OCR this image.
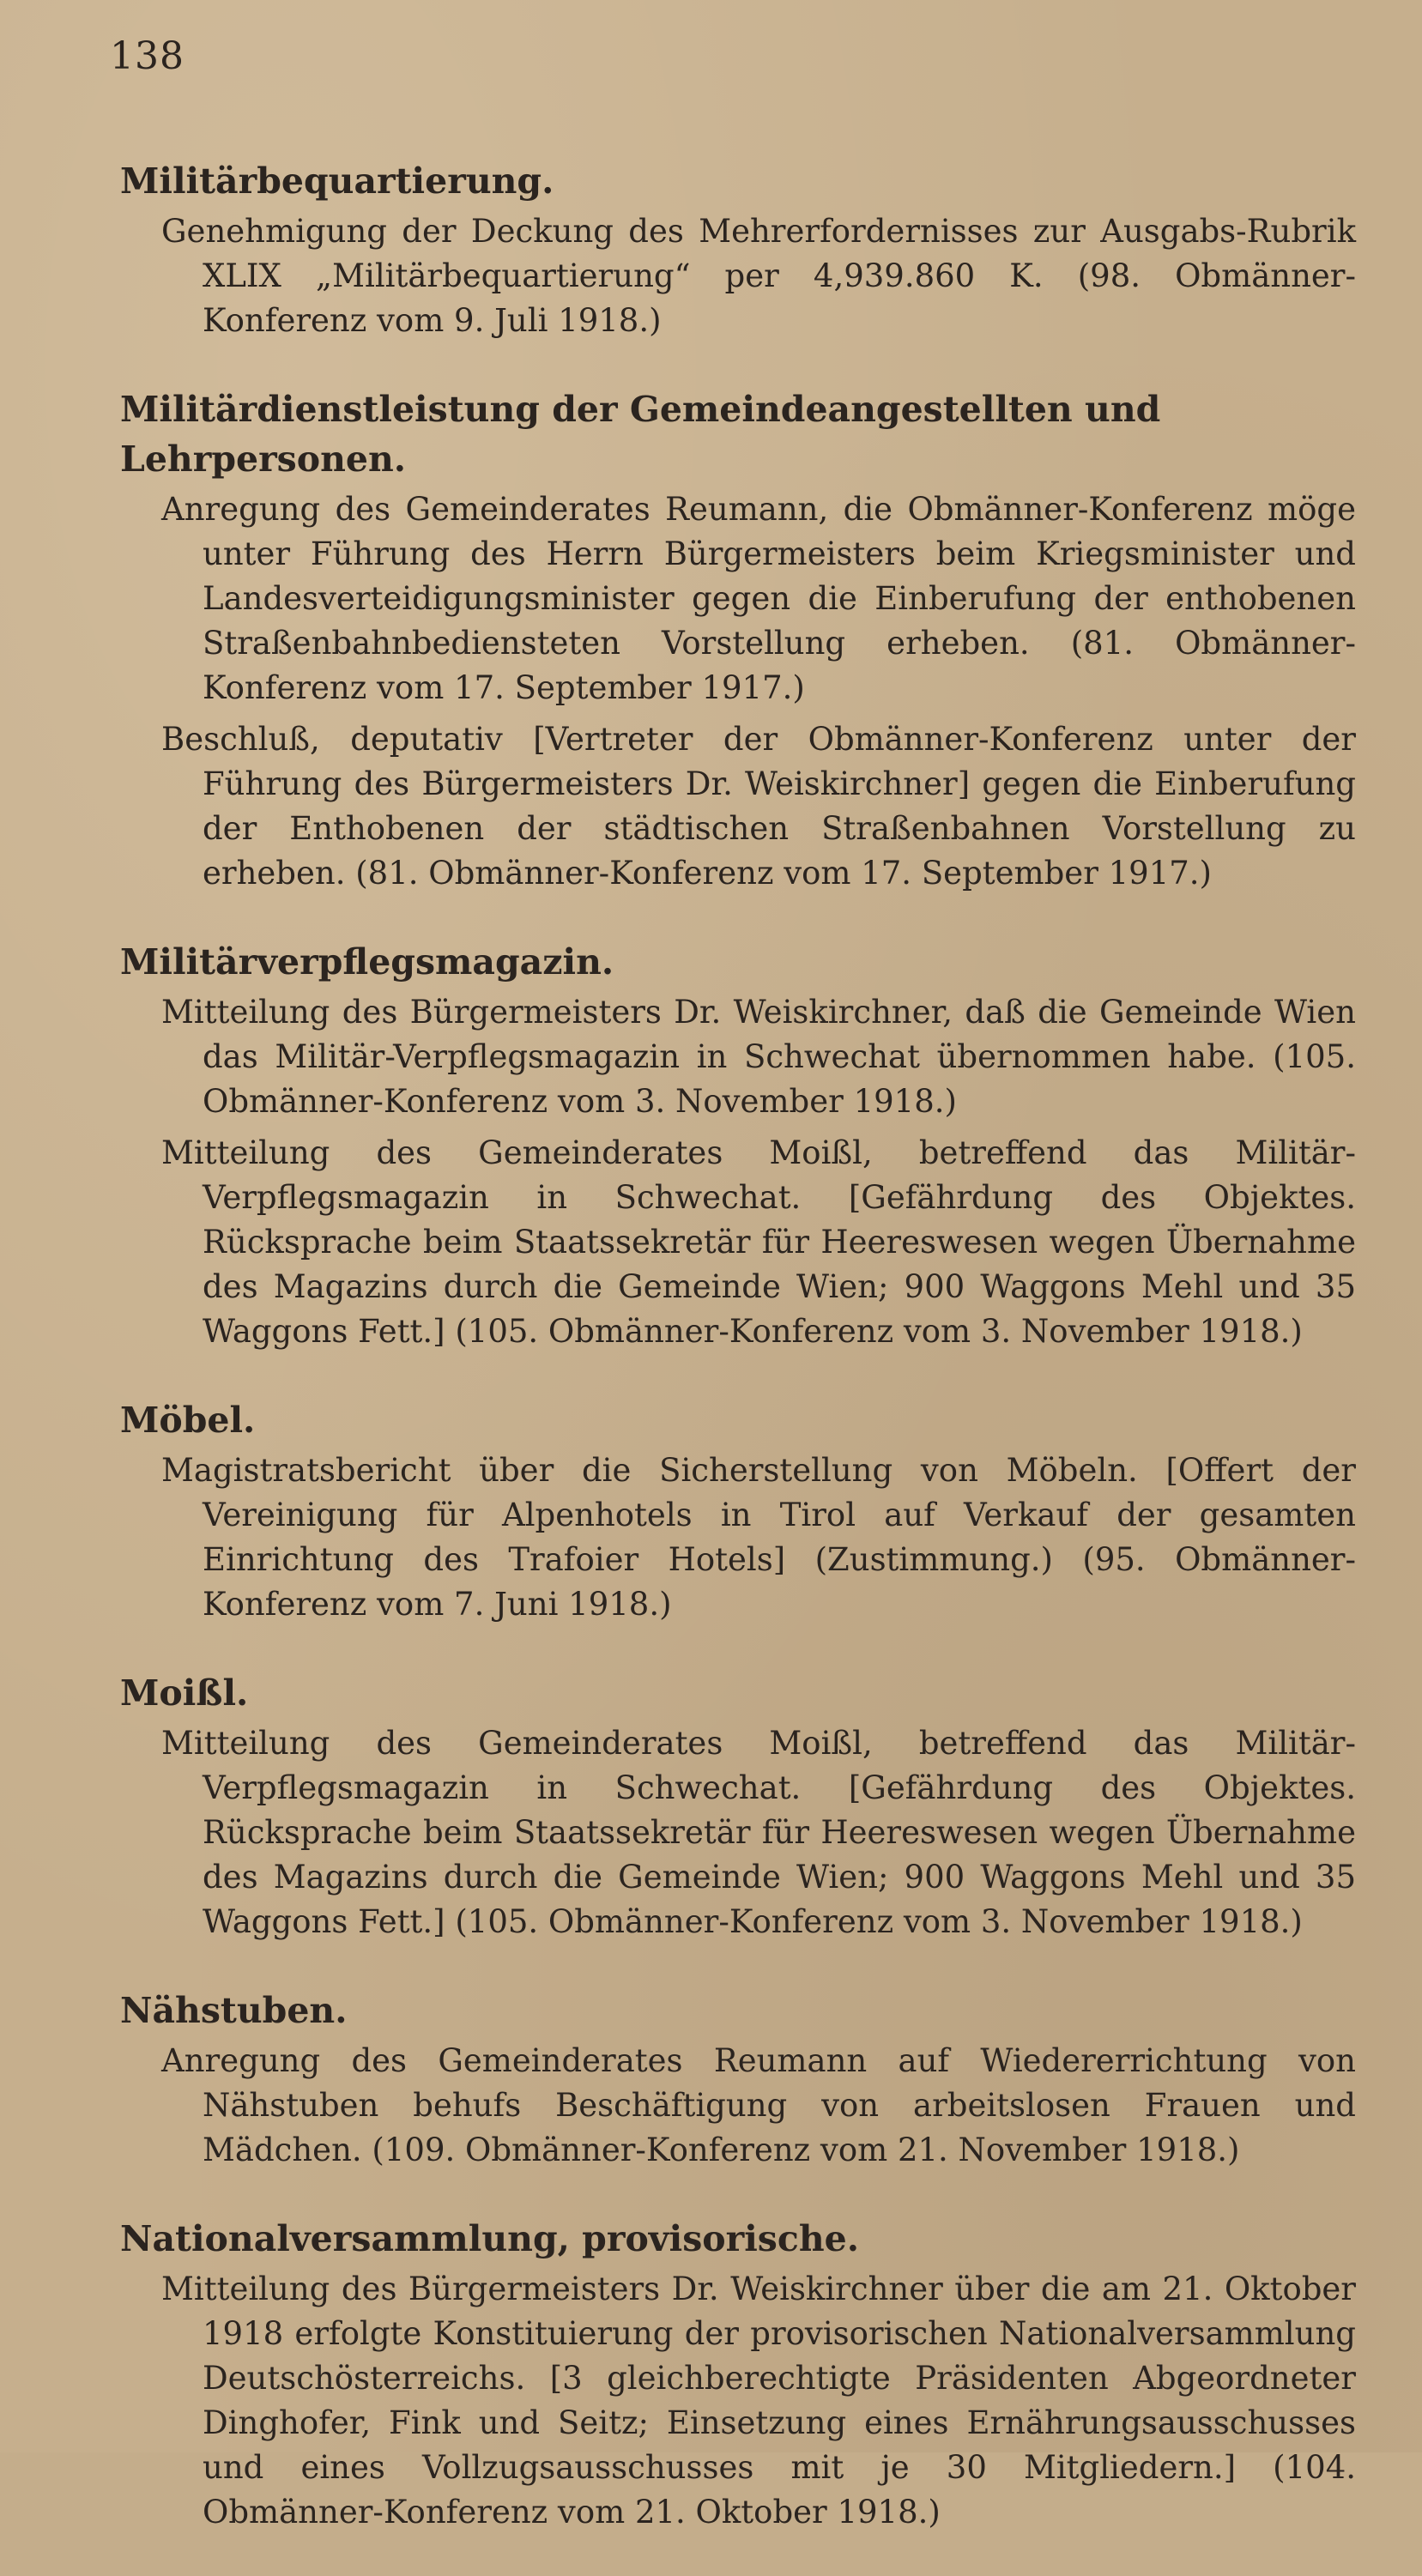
138
Militärbequartierung.
Genehmigung der Deckung des Mehrerfordernisses zur Ausgabs-Rubrik XLIX „Militärbequartierung“ per 4,939.860 K. (98. Obmänner-Konferenz vom 9. Juli 1918.)
Militärdienstleistung der Gemeindeangestellten und Lehrpersonen.
Anregung des Gemeinderates Reumann, die Obmänner-Konferenz möge unter Führung des Herrn Bürgermeisters beim Kriegsminister und Landesverteidigungsminister gegen die Einberufung der enthobenen Straßenbahnbediensteten Vorstellung erheben. (81. Obmänner-Konferenz vom 17. September 1917.)
Beschluß, deputativ [Vertreter der Obmänner-Konferenz unter der Führung des Bürgermeisters Dr. Weiskirchner] gegen die Einberufung der Enthobenen der städtischen Straßenbahnen Vorstellung zu erheben. (81. Obmänner-Konferenz vom 17. September 1917.)
Militärverpflegsmagazin.
Mitteilung des Bürgermeisters Dr. Weiskirchner, daß die Gemeinde Wien das Militär-Verpflegsmagazin in Schwechat übernommen habe. (105. Obmänner-Konferenz vom 3. November 1918.)
Mitteilung des Gemeinderates Moißl, betreffend das Militär-Verpflegsmagazin in Schwechat. [Gefährdung des Objektes. Rücksprache beim Staatssekretär für Heereswesen wegen Übernahme des Magazins durch die Gemeinde Wien; 900 Waggons Mehl und 35 Waggons Fett.] (105. Obmänner-Konferenz vom 3. November 1918.)
Möbel.
Magistratsbericht über die Sicherstellung von Möbeln. [Offert der Vereinigung für Alpenhotels in Tirol auf Verkauf der gesamten Einrichtung des Trafoier Hotels] (Zustimmung.) (95. Obmänner-Konferenz vom 7. Juni 1918.)
Moißl.
Mitteilung des Gemeinderates Moißl, betreffend das Militär-Verpflegsmagazin in Schwechat. [Gefährdung des Objektes. Rücksprache beim Staatssekretär für Heereswesen wegen Übernahme des Magazins durch die Gemeinde Wien; 900 Waggons Mehl und 35 Waggons Fett.] (105. Obmänner-Konferenz vom 3. November 1918.)
Nähstuben.
Anregung des Gemeinderates Reumann auf Wiedererrichtung von Nähstuben behufs Beschäftigung von arbeitslosen Frauen und Mädchen. (109. Obmänner-Konferenz vom 21. November 1918.)
Nationalversammlung, provisorische.
Mitteilung des Bürgermeisters Dr. Weiskirchner über die am 21. Oktober 1918 erfolgte Konstituierung der provisorischen Nationalversammlung Deutschösterreichs. [3 gleichberechtigte Präsidenten Abgeordneter Dinghofer, Fink und Seitz; Einsetzung eines Ernährungsausschusses und eines Vollzugsausschusses mit je 30 Mitgliedern.] (104. Obmänner-Konferenz vom 21. Oktober 1918.)
